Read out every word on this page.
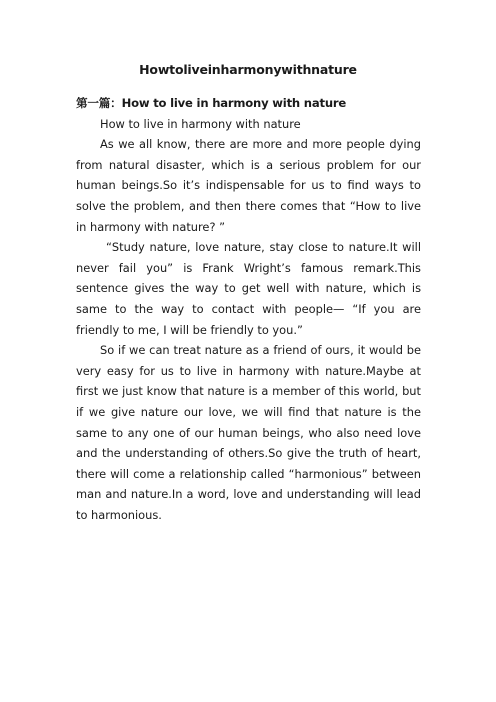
Howtoliveinharmonywithnature

第一篇：How to live in harmony with nature

How to live in harmony with nature

As we all know, there are more and more people dying from natural disaster, which is a serious problem for our human beings.So it’s indispensable for us to find ways to solve the problem, and then there comes that “How to live in harmony with nature? ”

“Study nature, love nature, stay close to nature.It will never fail you” is Frank Wright’s famous remark.This sentence gives the way to get well with nature, which is same to the way to contact with people— “If you are friendly to me, I will be friendly to you.”

So if we can treat nature as a friend of ours, it would be very easy for us to live in harmony with nature.Maybe at first we just know that nature is a member of this world, but if we give nature our love, we will find that nature is the same to any one of our human beings, who also need love and the understanding of others.So give the truth of heart, there will come a relationship called “harmonious” between man and nature.In a word, love and understanding will lead to harmonious.
